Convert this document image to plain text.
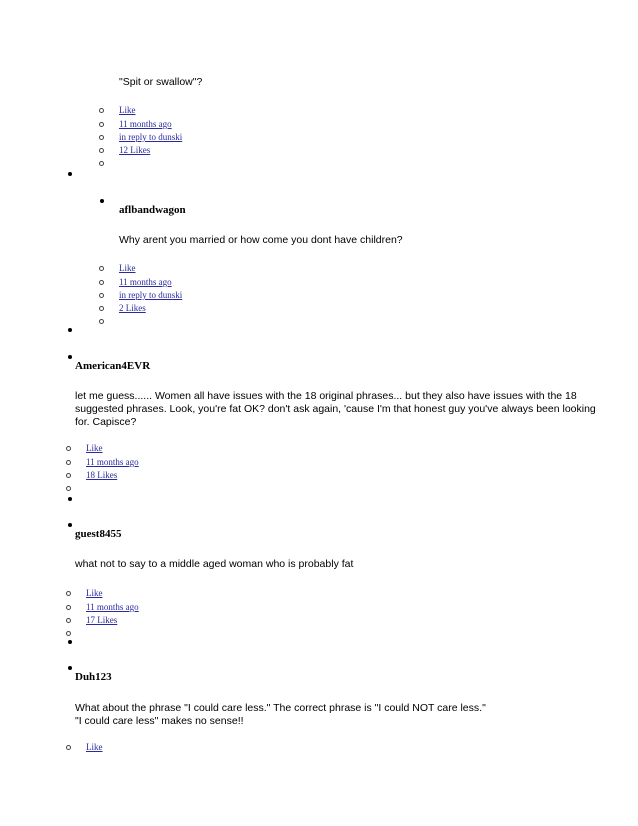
"Spit or swallow"?
Like
11 months ago
in reply to dunski
12 Likes
aflbandwagon
Why arent you married or how come you dont have children?
Like
11 months ago
in reply to dunski
2 Likes
American4EVR
let me guess...... Women all have issues with the 18 original phrases... but they also have issues with the 18
suggested phrases. Look, you're fat OK? don't ask again, 'cause I'm that honest guy you've always been looking
for. Capisce?
Like
11 months ago
18 Likes
guest8455
what not to say to a middle aged woman who is probably fat
Like
11 months ago
17 Likes
Duh123
What about the phrase "I could care less." The correct phrase is "I could NOT care less."
"I could care less" makes no sense!!
Like
